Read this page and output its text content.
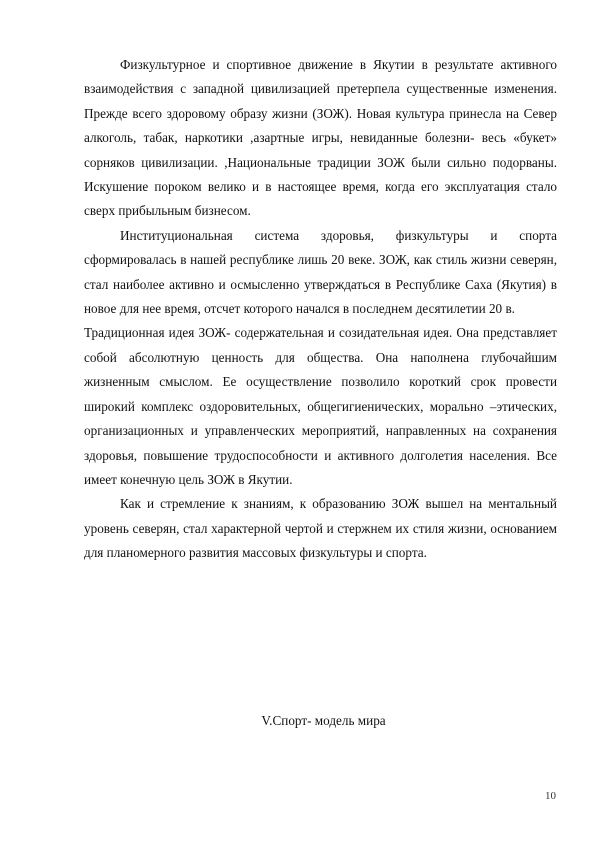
Физкультурное и спортивное движение в Якутии в результате активного взаимодействия с западной цивилизацией претерпела существенные изменения. Прежде всего здоровому образу жизни (ЗОЖ). Новая культура принесла на Север алкоголь, табак, наркотики ,азартные игры, невиданные болезни- весь «букет» сорняков цивилизации. ,Национальные традиции ЗОЖ были сильно подорваны. Искушение пороком велико и в настоящее время, когда его эксплуатация стало сверх прибыльным бизнесом.

Институциональная система здоровья, физкультуры и спорта сформировалась в нашей республике лишь 20 веке. ЗОЖ, как стиль жизни северян, стал наиболее активно и осмысленно утверждаться в Республике Саха (Якутия) в новое для нее время, отсчет которого начался в последнем десятилетии 20 в.

Традиционная идея ЗОЖ- содержательная и созидательная идея. Она представляет собой абсолютную ценность для общества. Она наполнена глубочайшим жизненным смыслом. Ее осуществление позволило короткий срок провести широкий комплекс оздоровительных, общегигиенических, морально –этических, организационных и управленческих мероприятий, направленных на сохранения здоровья, повышение трудоспособности и активного долголетия населения. Все имеет конечную цель ЗОЖ в Якутии.

Как и стремление к знаниям, к образованию ЗОЖ вышел на ментальный уровень северян, стал характерной чертой и стержнем их стиля жизни, основанием для планомерного развития массовых физкультуры и спорта.

V.Спорт- модель мира

10
